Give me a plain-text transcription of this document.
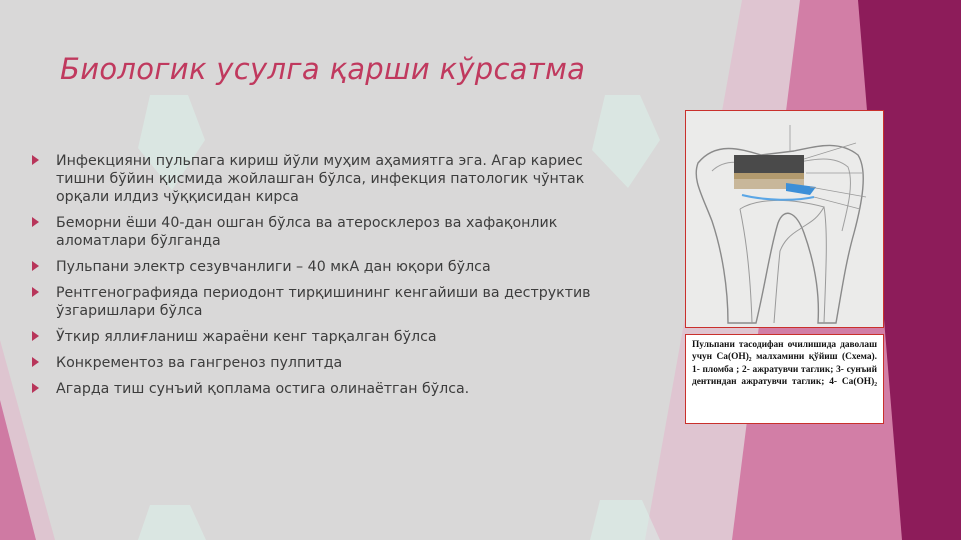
Биологик усулга қарши кўрсатма
Инфекцияни пульпага кириш йўли муҳим аҳамиятга эга. Агар кариес тишни бўйин қисмида жойлашган бўлса, инфекция патологик чўнтак орқали илдиз чўққисидан кирса
Беморни ёши 40-дан ошган бўлса ва атеросклероз ва хафақонлик аломатлари бўлганда
Пульпани электр сезувчанлиги – 40 мкА дан юқори бўлса
Рентгенографияда периодонт тирқишининг кенгайиши ва деструктив ўзгаришлари бўлса
Ўткир яллиғланиш жараёни кенг тарқалган бўлса
Конкрементоз ва гангреноз пулпитда
Агарда тиш сунъий қоплама остига олинаётган бўлса.
Пульпани тасодифан очилишида даволаш учун Са(ОН)₂ малхамини қўйиш (Схема). 1- пломба ; 2- ажратувчи таглик; 3- сунъий дентиндан ажратувчи таглик; 4- Са(ОН)₂
